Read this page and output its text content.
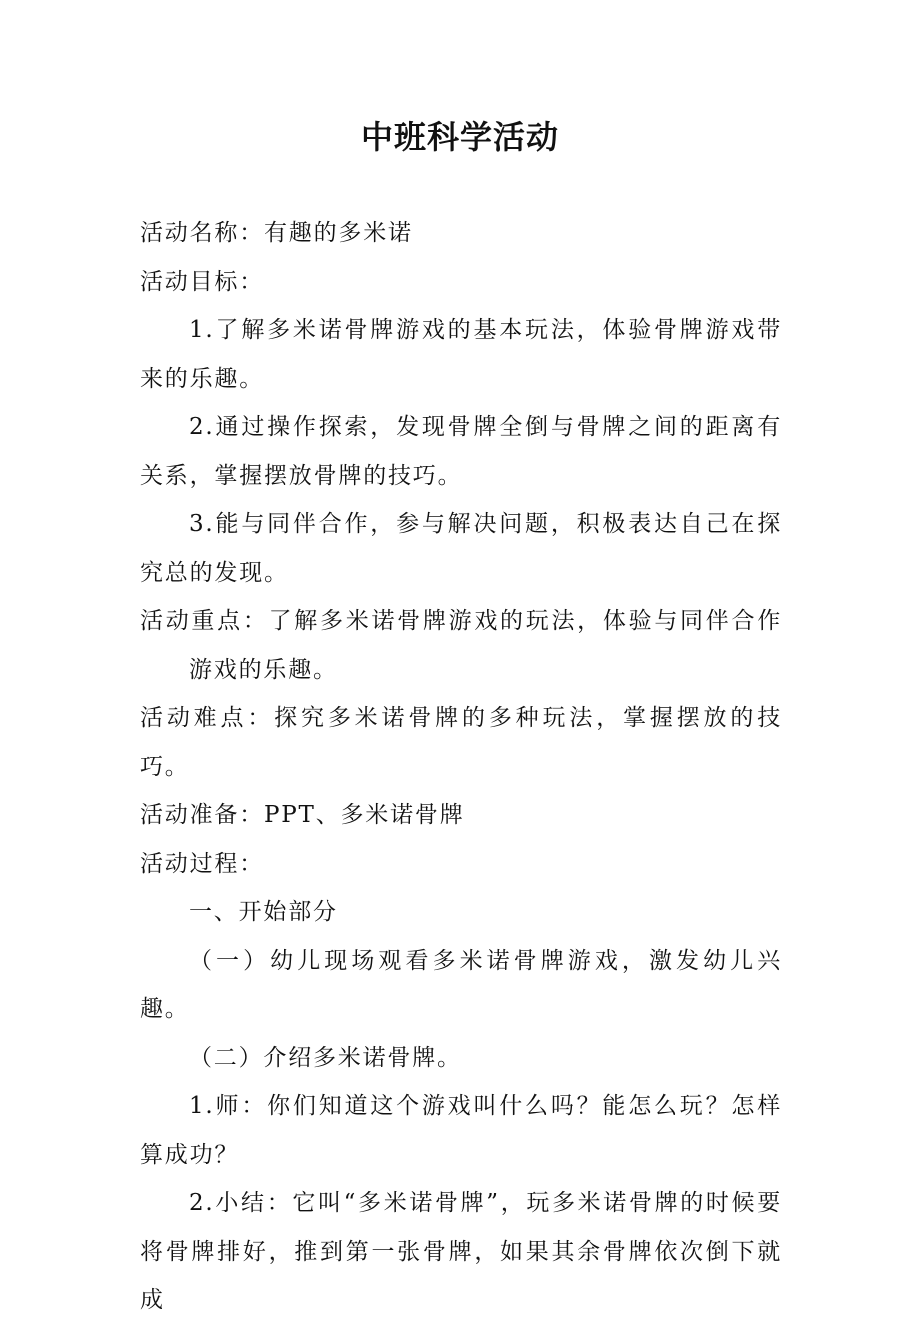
中班科学活动

活动名称：有趣的多米诺

活动目标：

1.了解多米诺骨牌游戏的基本玩法，体验骨牌游戏带来的乐趣。

2.通过操作探索，发现骨牌全倒与骨牌之间的距离有关系，掌握摆放骨牌的技巧。

3.能与同伴合作，参与解决问题，积极表达自己在探究总的发现。

活动重点：了解多米诺骨牌游戏的玩法，体验与同伴合作游戏的乐趣。

活动难点：探究多米诺骨牌的多种玩法，掌握摆放的技巧。

活动准备：PPT、多米诺骨牌

活动过程：

一、开始部分

（一）幼儿现场观看多米诺骨牌游戏，激发幼儿兴趣。

（二）介绍多米诺骨牌。

1.师：你们知道这个游戏叫什么吗？能怎么玩？怎样算成功？

2.小结：它叫“多米诺骨牌”，玩多米诺骨牌的时候要将骨牌排好，推到第一张骨牌，如果其余骨牌依次倒下就成
